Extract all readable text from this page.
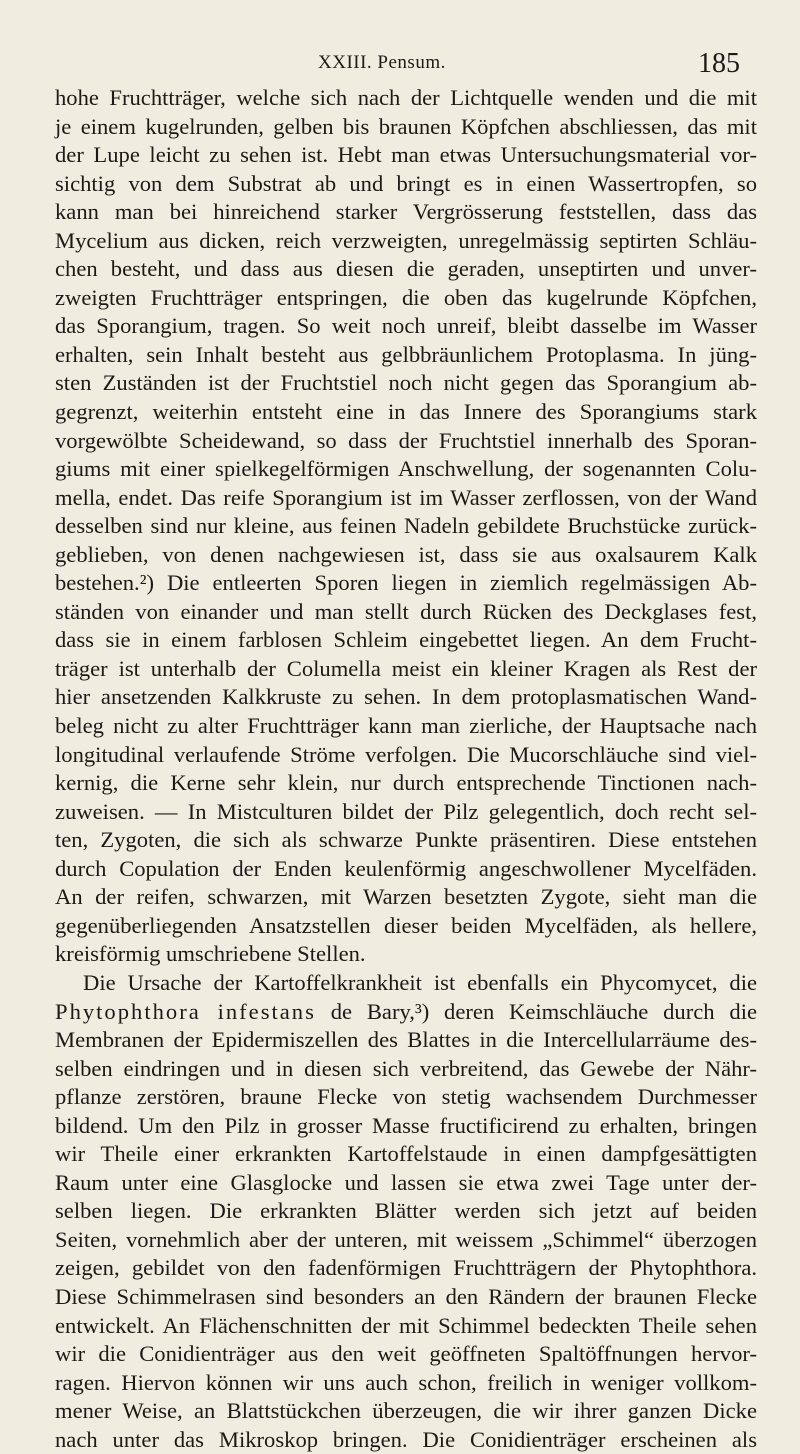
XXIII. Pensum.	185

hohe Fruchtträger, welche sich nach der Lichtquelle wenden und die mit
je einem kugelrunden, gelben bis braunen Köpfchen abschliessen, das mit
der Lupe leicht zu sehen ist. Hebt man etwas Untersuchungsmaterial vor-
sichtig von dem Substrat ab und bringt es in einen Wassertropfen, so
kann man bei hinreichend starker Vergrösserung feststellen, dass das
Mycelium aus dicken, reich verzweigten, unregelmässig septirten Schläu-
chen besteht, und dass aus diesen die geraden, unseptirten und unver-
zweigten Fruchtträger entspringen, die oben das kugelrunde Köpfchen,
das Sporangium, tragen. So weit noch unreif, bleibt dasselbe im Wasser
erhalten, sein Inhalt besteht aus gelbbräunlichem Protoplasma. In jüng-
sten Zuständen ist der Fruchtstiel noch nicht gegen das Sporangium ab-
gegrenzt, weiterhin entsteht eine in das Innere des Sporangiums stark
vorgewölbte Scheidewand, so dass der Fruchtstiel innerhalb des Sporan-
giums mit einer spielkegelförmigen Anschwellung, der sogenannten Colu-
mella, endet. Das reife Sporangium ist im Wasser zerflossen, von der Wand
desselben sind nur kleine, aus feinen Nadeln gebildete Bruchstücke zurück-
geblieben, von denen nachgewiesen ist, dass sie aus oxalsaurem Kalk
bestehen.²) Die entleerten Sporen liegen in ziemlich regelmässigen Ab-
ständen von einander und man stellt durch Rücken des Deckglases fest,
dass sie in einem farblosen Schleim eingebettet liegen. An dem Frucht-
träger ist unterhalb der Columella meist ein kleiner Kragen als Rest der
hier ansetzenden Kalkkruste zu sehen. In dem protoplasmatischen Wand-
beleg nicht zu alter Fruchtträger kann man zierliche, der Hauptsache nach
longitudinal verlaufende Ströme verfolgen. Die Mucorschläuche sind viel-
kernig, die Kerne sehr klein, nur durch entsprechende Tinctionen nach-
zuweisen. — In Mistculturen bildet der Pilz gelegentlich, doch recht sel-
ten, Zygoten, die sich als schwarze Punkte präsentiren. Diese entstehen
durch Copulation der Enden keulenförmig angeschwollener Mycelfäden.
An der reifen, schwarzen, mit Warzen besetzten Zygote, sieht man die
gegenüberliegenden Ansatzstellen dieser beiden Mycelfäden, als hellere,
kreisförmig umschriebene Stellen.

Die Ursache der Kartoffelkrankheit ist ebenfalls ein Phycomycet, die
Phytophthora infestans de Bary,³) deren Keimschläuche durch die
Membranen der Epidermiszellen des Blattes in die Intercellularräume des-
selben eindringen und in diesen sich verbreitend, das Gewebe der Nähr-
pflanze zerstören, braune Flecke von stetig wachsendem Durchmesser
bildend. Um den Pilz in grosser Masse fructificirend zu erhalten, bringen
wir Theile einer erkrankten Kartoffelstaude in einen dampfgesättigten
Raum unter eine Glasglocke und lassen sie etwa zwei Tage unter der-
selben liegen. Die erkrankten Blätter werden sich jetzt auf beiden
Seiten, vornehmlich aber der unteren, mit weissem „Schimmel“ überzogen
zeigen, gebildet von den fadenförmigen Fruchtträgern der Phytophthora.
Diese Schimmelrasen sind besonders an den Rändern der braunen Flecke
entwickelt. An Flächenschnitten der mit Schimmel bedeckten Theile sehen
wir die Conidienträger aus den weit geöffneten Spaltöffnungen hervor-
ragen. Hiervon können wir uns auch schon, freilich in weniger vollkom-
mener Weise, an Blattstückchen überzeugen, die wir ihrer ganzen Dicke
nach unter das Mikroskop bringen. Die Conidienträger erscheinen als
